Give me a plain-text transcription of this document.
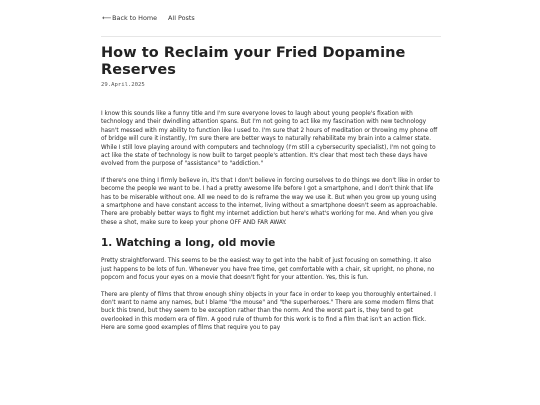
⟵Back to Home All Posts
How to Reclaim your Fried Dopamine Reserves
29.April.2025

I know this sounds like a funny title and I'm sure everyone loves to laugh about young people's fixation with technology and their dwindling attention spans. But I'm not going to act like my fascination with new technology hasn't messed with my ability to function like I used to. I'm sure that 2 hours of meditation or throwing my phone off of bridge will cure it instantly, I'm sure there are better ways to naturally rehabilitate my brain into a calmer state. While I still love playing around with computers and technology (I'm still a cybersecurity specialist), I'm not going to act like the state of technology is now built to target people's attention. It's clear that most tech these days have evolved from the purpose of "assistance" to "addiction."

If there's one thing I firmly believe in, it's that I don't believe in forcing ourselves to do things we don't like in order to become the people we want to be. I had a pretty awesome life before I got a smartphone, and I don't think that life has to be miserable without one. All we need to do is reframe the way we use it. But when you grow up young using a smartphone and have constant access to the internet, living without a smartphone doesn't seem as approachable. There are probably better ways to fight my internet addiction but here's what's working for me. And when you give these a shot, make sure to keep your phone OFF AND FAR AWAY.

1. Watching a long, old movie

Pretty straightforward. This seems to be the easiest way to get into the habit of just focusing on something. It also just happens to be lots of fun. Whenever you have free time, get comfortable with a chair, sit upright, no phone, no popcorn and focus your eyes on a movie that doesn't fight for your attention. Yes, this is fun.

There are plenty of films that throw enough shiny objects in your face in order to keep you thoroughly entertained. I don't want to name any names, but I blame "the mouse" and "the superheroes." There are some modern films that buck this trend, but they seem to be exception rather than the norm. And the worst part is, they tend to get overlooked in this modern era of film. A good rule of thumb for this work is to find a film that isn't an action flick. Here are some good examples of films that require you to pay
